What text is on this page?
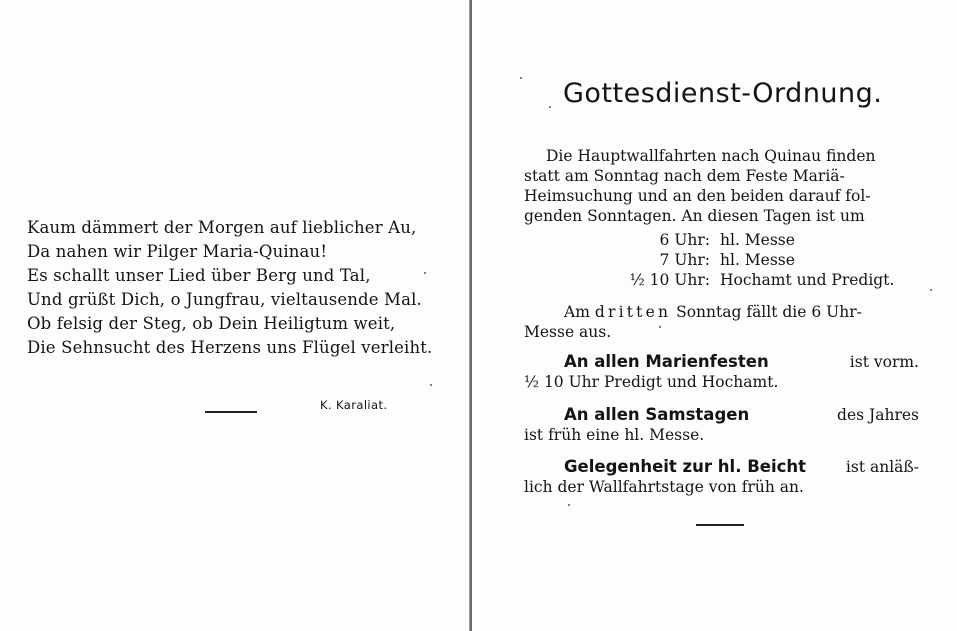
Kaum dämmert der Morgen auf lieblicher Au,
Da nahen wir Pilger Maria-Quinau!
Es schallt unser Lied über Berg und Tal,
Und grüßt Dich, o Jungfrau, vieltausende Mal.
Ob felsig der Steg, ob Dein Heiligtum weit,
Die Sehnsucht des Herzens uns Flügel verleiht.
K. Karaliat.
Gottesdienst-Ordnung.
Die Hauptwallfahrten nach Quinau finden
statt am Sonntag nach dem Feste Mariä-
Heimsuchung und an den beiden darauf fol-
genden Sonntagen. An diesen Tagen ist um
6 Uhr: hl. Messe
7 Uhr: hl. Messe
½ 10 Uhr: Hochamt und Predigt.
Am
dritten
Sonntag fällt die 6 Uhr-
Messe aus.
An allen Marienfesten	ist vorm.
½ 10 Uhr Predigt und Hochamt.
An allen Samstagen	des Jahres
ist früh eine hl. Messe.
Gelegenheit zur hl. Beicht	ist anläß-
lich der Wallfahrtstage von früh an.
